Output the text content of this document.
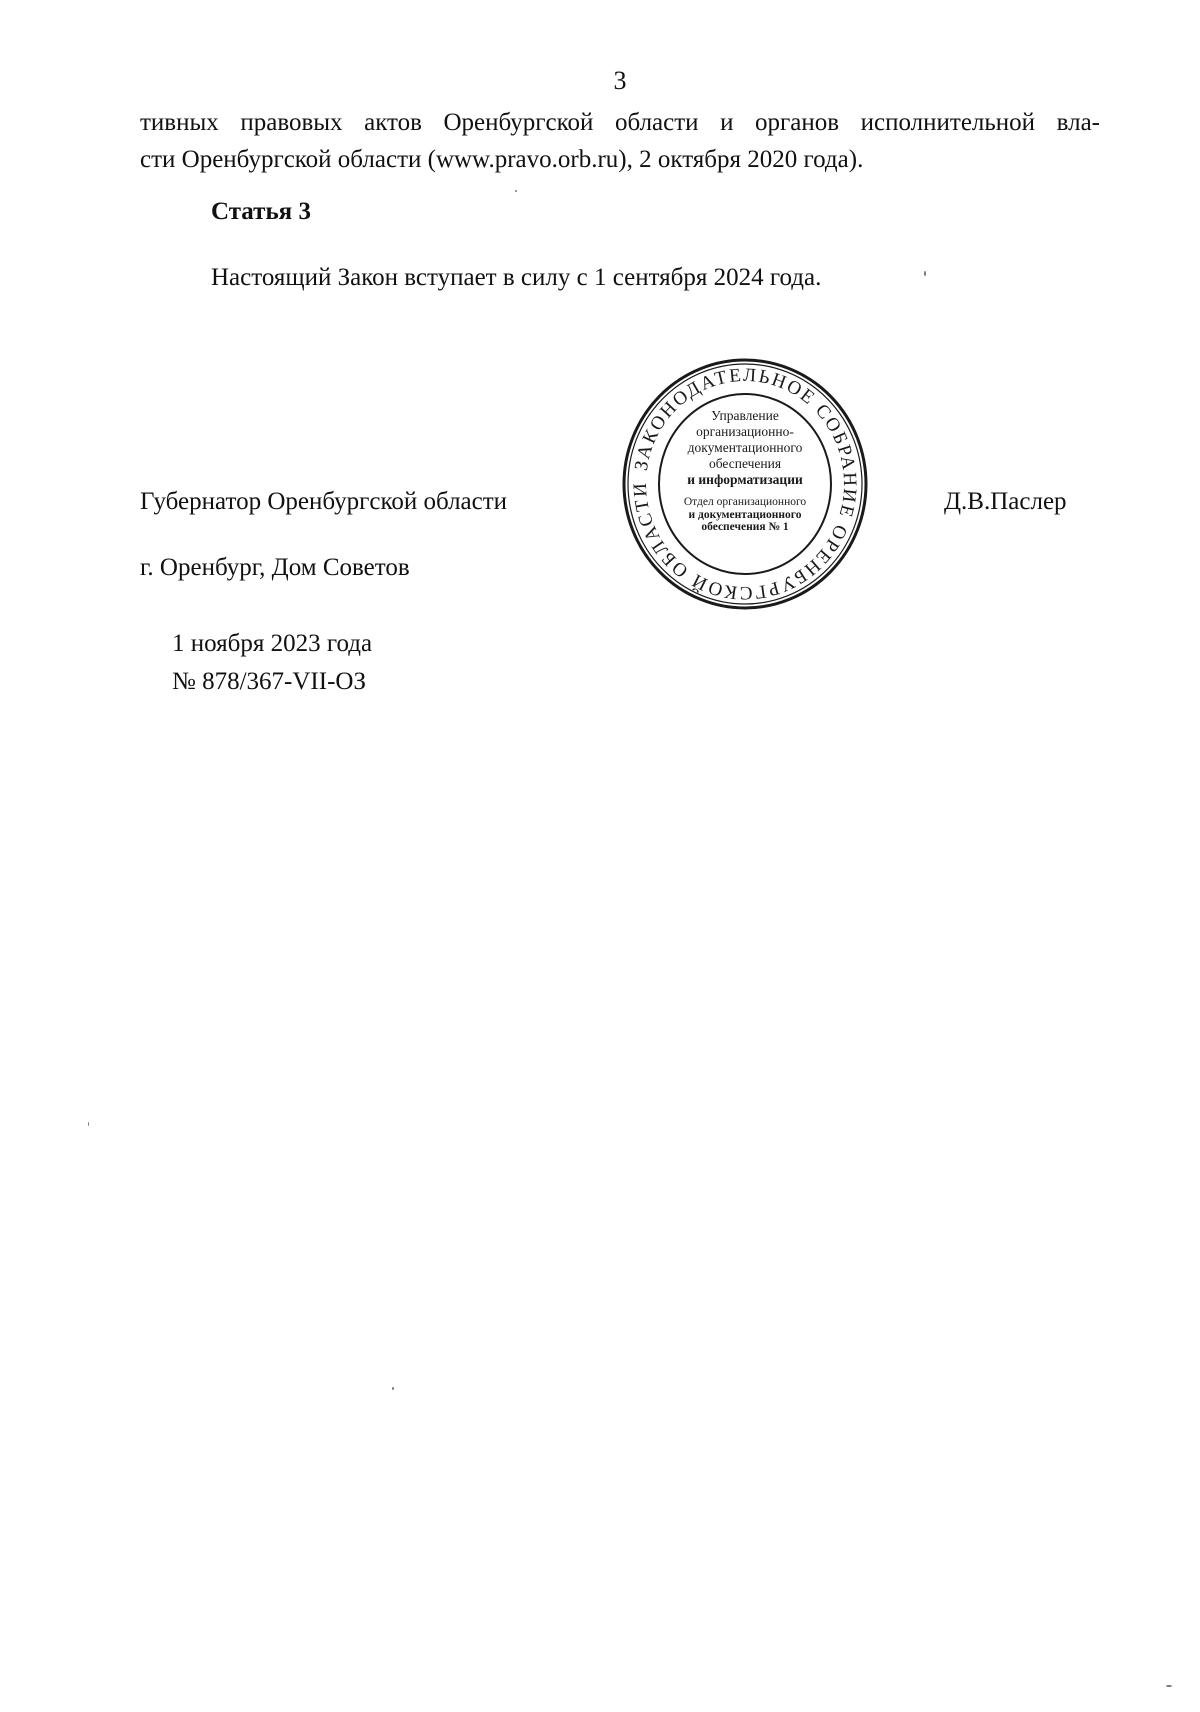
3
тивных правовых актов Оренбургской области и органов исполнительной вла-
сти Оренбургской области (www.pravo.orb.ru), 2 октября 2020 года).
Статья 3
Настоящий Закон вступает в силу с 1 сентября 2024 года.
Губернатор Оренбургской области	Д.В.Паслер
г. Оренбург, Дом Советов
1 ноября 2023 года
№ 878/367-VII-ОЗ
ЗАКОНОДАТЕЛЬНОЕ СОБРАНИЕ ОРЕНБУРГСКОЙ ОБЛАСТИ
Управление
организационно-
документационного
обеспечения
и информатизации
Отдел организационного
и документационного
обеспечения № 1
